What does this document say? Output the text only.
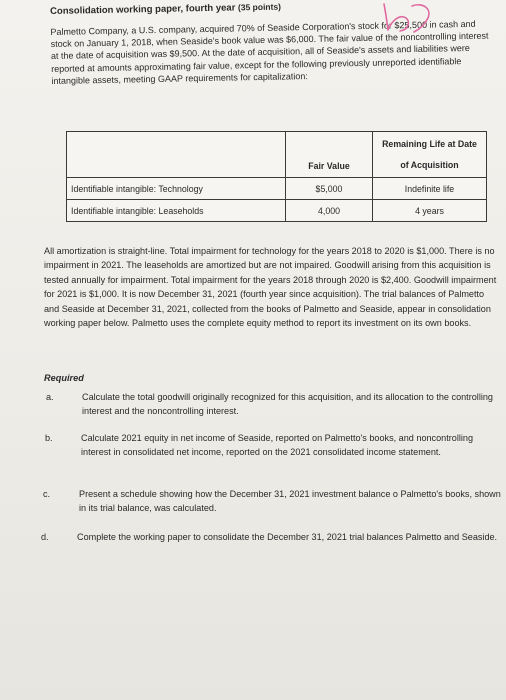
Consolidation working paper, fourth year (35 points)

Palmetto Company, a U.S. company, acquired 70% of Seaside Corporation's stock for $25,500 in cash and stock on January 1, 2018, when Seaside's book value was $6,000. The fair value of the noncontrolling interest at the date of acquisition was $9,500. At the date of acquisition, all of Seaside's assets and liabilities were reported at amounts approximating fair value, except for the following previously unreported identifiable intangible assets, meeting GAAP requirements for capitalization:

	Fair Value	Remaining Life at Date of Acquisition
Identifiable intangible: Technology	$5,000	Indefinite life
Identifiable intangible: Leaseholds	4,000	4 years

All amortization is straight-line. Total impairment for technology for the years 2018 to 2020 is $1,000. There is no impairment in 2021. The leaseholds are amortized but are not impaired. Goodwill arising from this acquisition is tested annually for impairment. Total impairment for the years 2018 through 2020 is $2,400. Goodwill impairment for 2021 is $1,000. It is now December 31, 2021 (fourth year since acquisition). The trial balances of Palmetto and Seaside at December 31, 2021, collected from the books of Palmetto and Seaside, appear in consolidation working paper below. Palmetto uses the complete equity method to report its investment on its own books.

Required
a.	Calculate the total goodwill originally recognized for this acquisition, and its allocation to the controlling interest and the noncontrolling interest.
b.	Calculate 2021 equity in net income of Seaside, reported on Palmetto's books, and noncontrolling interest in consolidated net income, reported on the 2021 consolidated income statement.
c.	Present a schedule showing how the December 31, 2021 investment balance o Palmetto's books, shown in its trial balance, was calculated.
d.	Complete the working paper to consolidate the December 31, 2021 trial balances Palmetto and Seaside.
